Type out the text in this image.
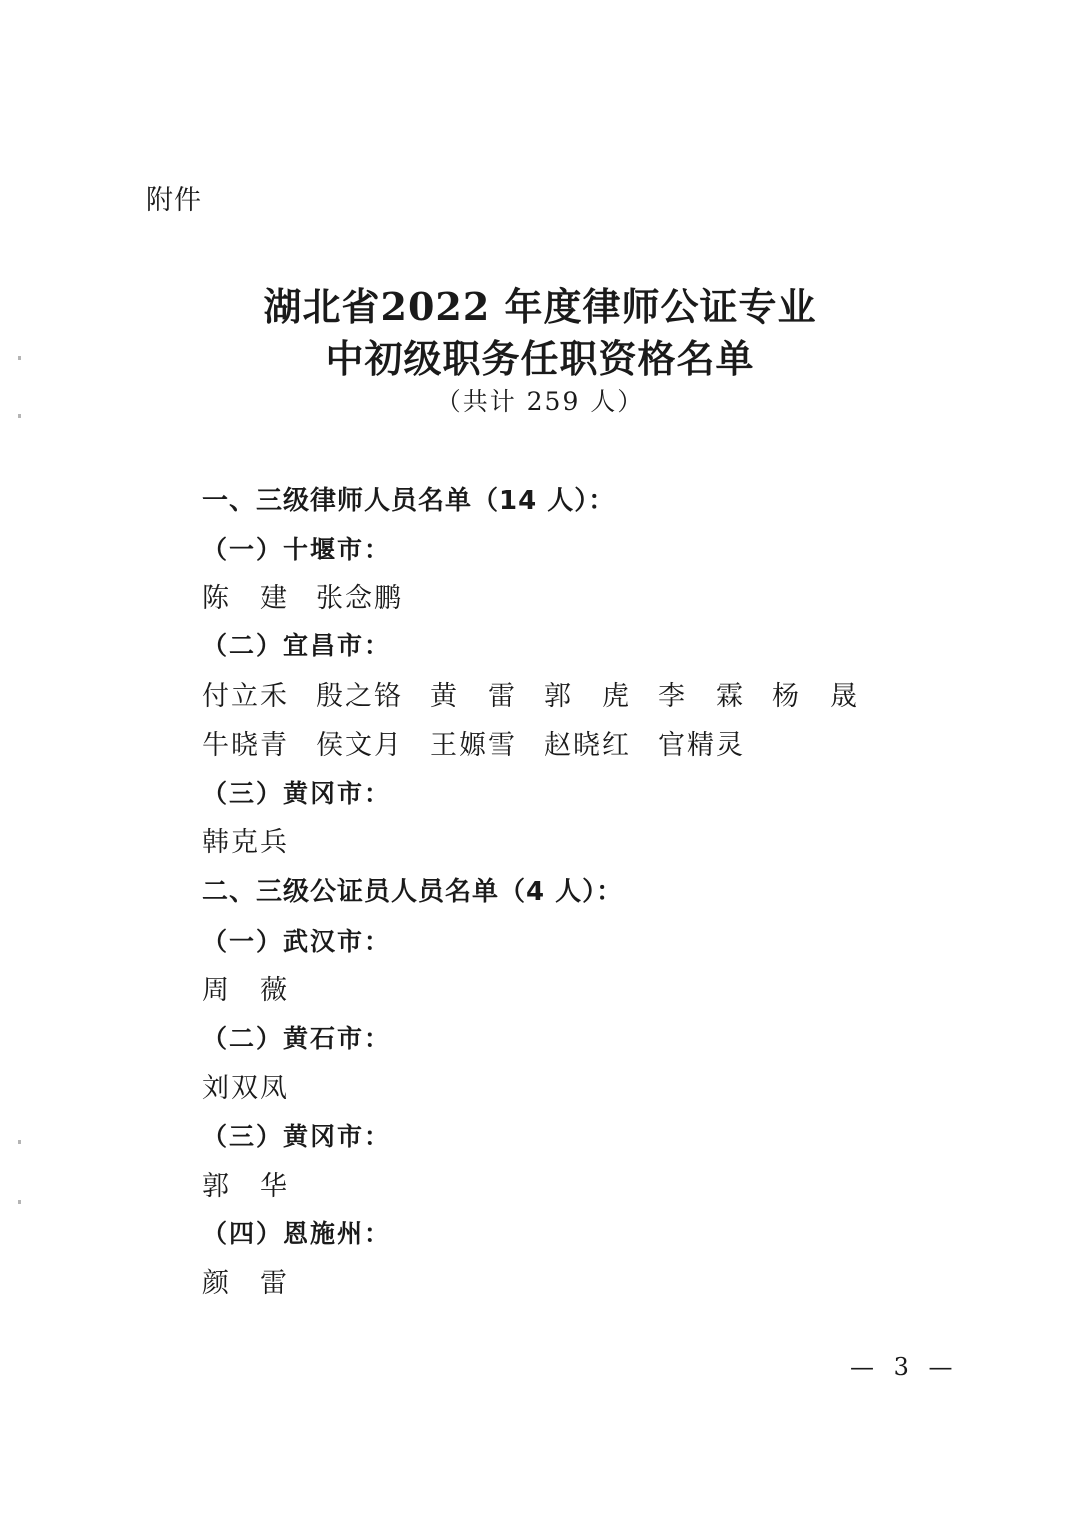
附件
湖北省2022 年度律师公证专业
中初级职务任职资格名单
（共计 259 人）
一、三级律师人员名单（14 人）：
（一）十堰市：
陈　建 张念鹏
（二）宜昌市：
付立禾 殷之铬 黄　雷 郭　虎 李　霖 杨　晟
牛晓青 侯文月 王嫄雪 赵晓红 官精灵
（三）黄冈市：
韩克兵
二、三级公证员人员名单（4 人）：
（一）武汉市：
周　薇
（二）黄石市：
刘双凤
（三）黄冈市：
郭　华
（四）恩施州：
颜　雷
— 3 —
